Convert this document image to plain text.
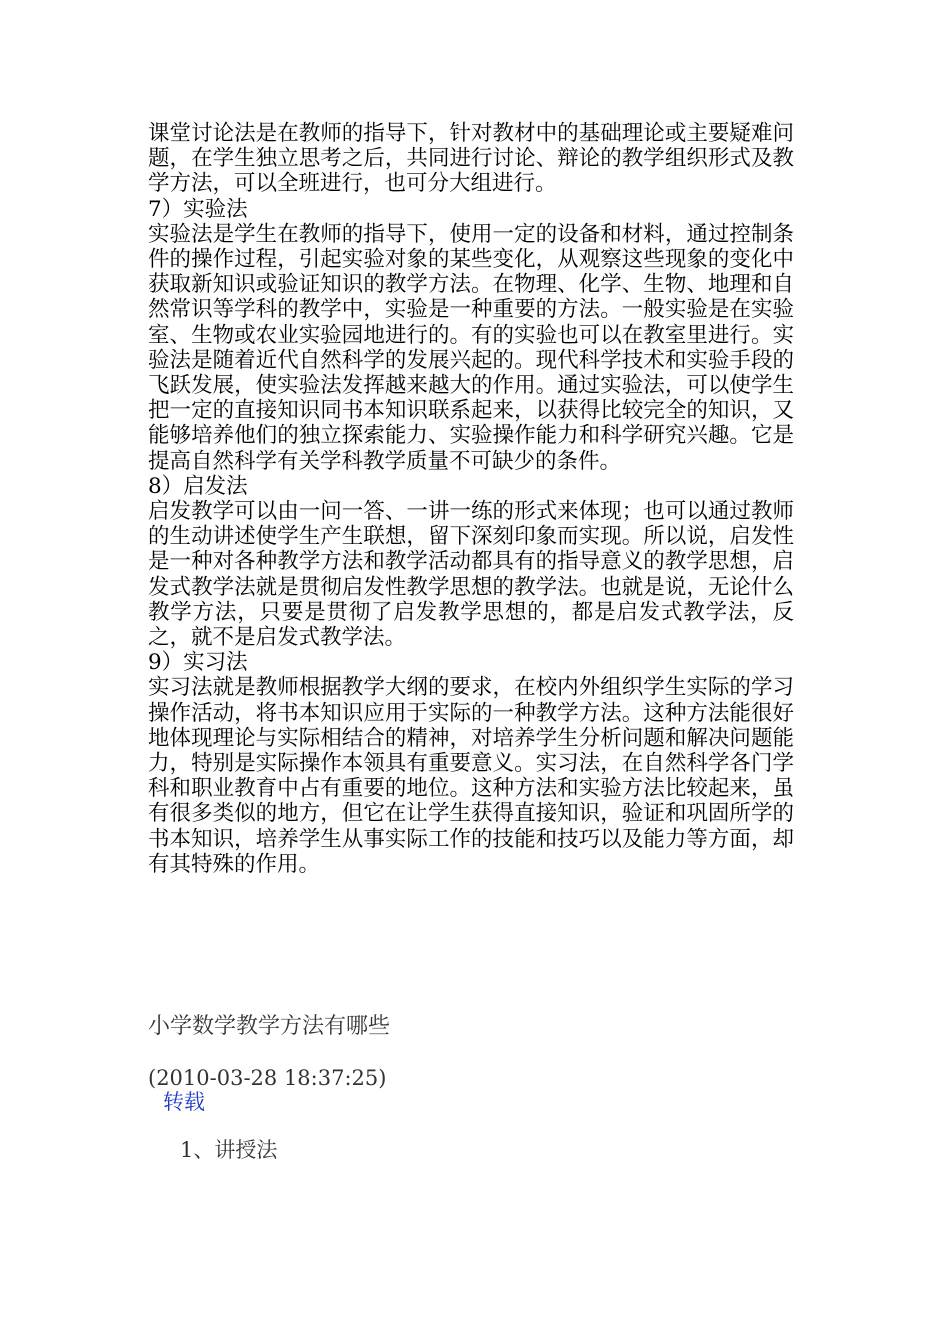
课堂讨论法是在教师的指导下，针对教材中的基础理论或主要疑难问题，在学生独立思考之后，共同进行讨论、辩论的教学组织形式及教学方法，可以全班进行，也可分大组进行。

7）实验法

实验法是学生在教师的指导下，使用一定的设备和材料，通过控制条件的操作过程，引起实验对象的某些变化，从观察这些现象的变化中获取新知识或验证知识的教学方法。在物理、化学、生物、地理和自然常识等学科的教学中，实验是一种重要的方法。一般实验是在实验室、生物或农业实验园地进行的。有的实验也可以在教室里进行。实验法是随着近代自然科学的发展兴起的。现代科学技术和实验手段的飞跃发展，使实验法发挥越来越大的作用。通过实验法，可以使学生把一定的直接知识同书本知识联系起来，以获得比较完全的知识，又能够培养他们的独立探索能力、实验操作能力和科学研究兴趣。它是提高自然科学有关学科教学质量不可缺少的条件。

8）启发法

启发教学可以由一问一答、一讲一练的形式来体现；也可以通过教师的生动讲述使学生产生联想，留下深刻印象而实现。所以说，启发性是一种对各种教学方法和教学活动都具有的指导意义的教学思想，启发式教学法就是贯彻启发性教学思想的教学法。也就是说，无论什么教学方法，只要是贯彻了启发教学思想的，都是启发式教学法，反之，就不是启发式教学法。

9）实习法

实习法就是教师根据教学大纲的要求，在校内外组织学生实际的学习操作活动，将书本知识应用于实际的一种教学方法。这种方法能很好地体现理论与实际相结合的精神，对培养学生分析问题和解决问题能力，特别是实际操作本领具有重要意义。实习法，在自然科学各门学科和职业教育中占有重要的地位。这种方法和实验方法比较起来，虽有很多类似的地方，但它在让学生获得直接知识，验证和巩固所学的书本知识，培养学生从事实际工作的技能和技巧以及能力等方面，却有其特殊的作用。

小学数学教学方法有哪些
(2010-03-28 18:37:25)
转载
1、讲授法
